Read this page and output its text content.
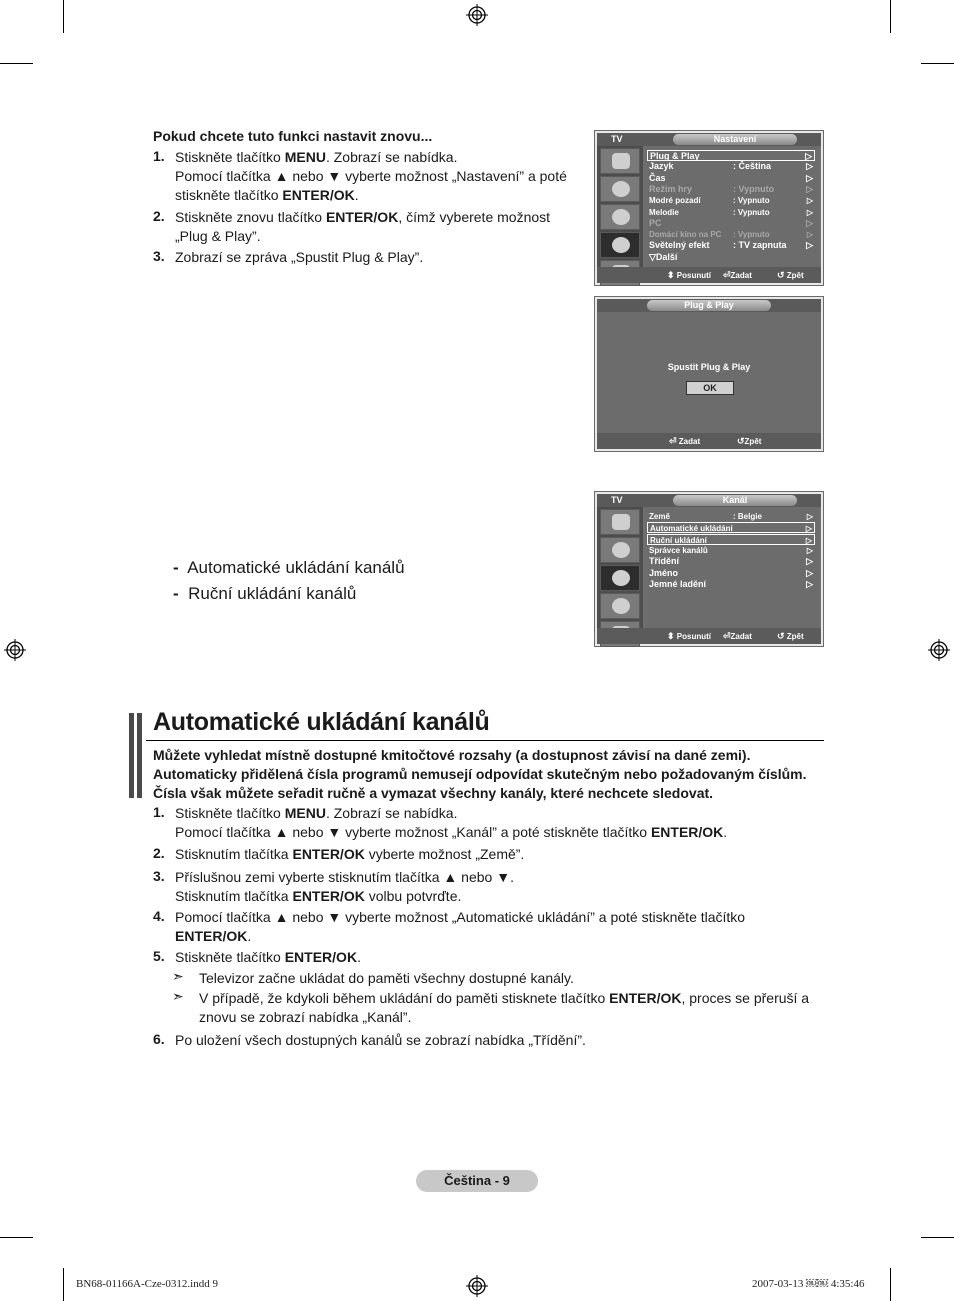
Pokud chcete tuto funkci nastavit znovu...
1. Stiskněte tlačítko MENU. Zobrazí se nabídka.
Pomocí tlačítka ▲ nebo ▼ vyberte možnost „Nastavení” a poté
stiskněte tlačítko ENTER/OK.
2. Stiskněte znovu tlačítko ENTER/OK, čímž vyberete možnost
„Plug & Play”.
3. Zobrazí se zpráva „Spustit Plug & Play”.
TV	Nastavení
Plug & Play	▷
Jazyk	: Čeština	▷
Čas	▷
Režim hry	: Vypnuto	▷
Modré pozadí	: Vypnuto	▷
Melodie	: Vypnuto	▷
PC	▷
Domácí kino na PC : Vypnuto	▷
Světelný efekt	: TV zapnuta ▷
▽Další
⬍ Posunutí ⏎Zadat	↺ Zpět
Plug & Play
Spustit Plug & Play
OK
⏎ Zadat	↺Zpět
TV	Kanál
Země	: Belgie	▷
Automatické ukládání	▷
Ruční ukládání	▷
Správce kanálů	▷
Třídění	▷
Jméno	▷
Jemné ladění	▷
⬍ Posunutí ⏎Zadat	↺ Zpět
- Automatické ukládání kanálů
- Ruční ukládání kanálů
Automatické ukládání kanálů
Můžete vyhledat místně dostupné kmitočtové rozsahy (a dostupnost závisí na dané zemi).
Automaticky přidělená čísla programů nemusejí odpovídat skutečným nebo požadovaným číslům.
Čísla však můžete seřadit ručně a vymazat všechny kanály, které nechcete sledovat.
1. Stiskněte tlačítko MENU. Zobrazí se nabídka.
Pomocí tlačítka ▲ nebo ▼ vyberte možnost „Kanál” a poté stiskněte tlačítko ENTER/OK.
2. Stisknutím tlačítka ENTER/OK vyberte možnost „Země”.
3. Příslušnou zemi vyberte stisknutím tlačítka ▲ nebo ▼.
Stisknutím tlačítka ENTER/OK volbu potvrďte.
4. Pomocí tlačítka ▲ nebo ▼ vyberte možnost „Automatické ukládání” a poté stiskněte tlačítko
ENTER/OK.
5. Stiskněte tlačítko ENTER/OK.
6. Po uložení všech dostupných kanálů se zobrazí nabídka „Třídění”.
➣ Televizor začne ukládat do paměti všechny dostupné kanály.
➣ V případě, že kdykoli během ukládání do paměti stisknete tlačítko ENTER/OK, proces se přeruší a
znovu se zobrazí nabídka „Kanál”.
Čeština - 9
BN68-01166A-Cze-0312.indd 9	2007-03-13 ￼￼ 4:35:46
